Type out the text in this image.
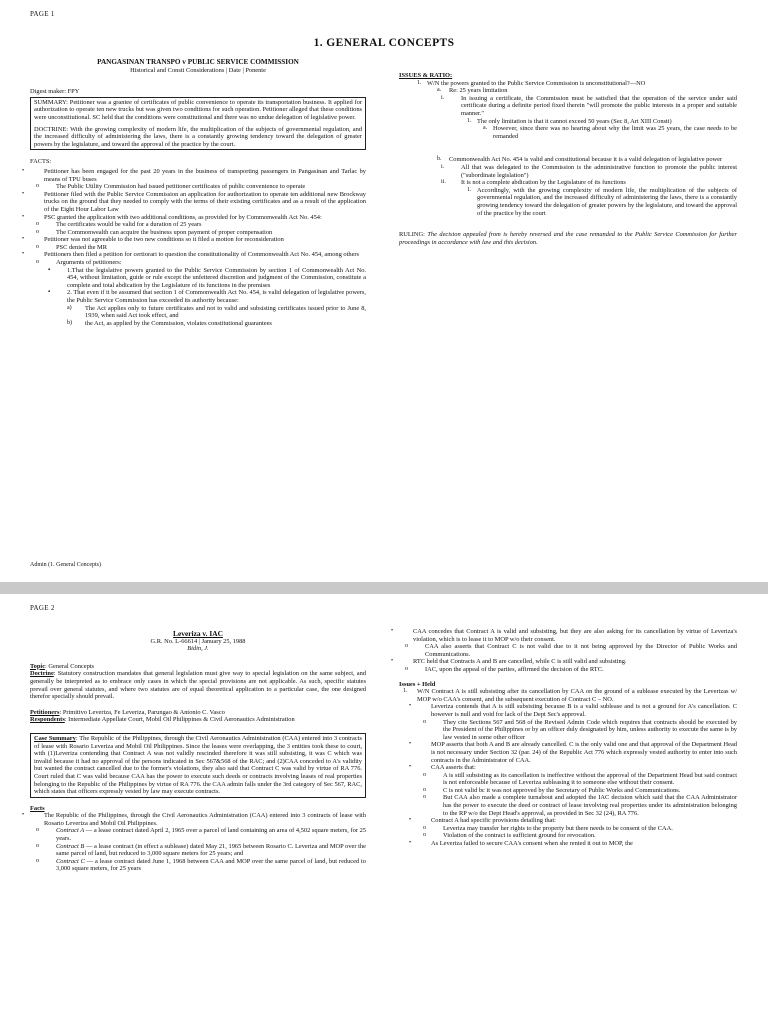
PAGE 1
1. GENERAL CONCEPTS
PANGASINAN TRANSPO v PUBLIC SERVICE COMMISSION
Historical and Consti Considerations | Date | Ponente
Digest maker: FPY

SUMMARY: Petitioner was a grantee of certificates of public convenience to operate its transportation business. It applied for authorization to operate ten new trucks but was given two conditions for such operation. Petitioner alleged that these conditions were unconstitutional. SC held that the conditions were constitutional and there was no undue delegation of legislative power.

DOCTRINE: With the growing complexity of modern life, the multiplication of the subjects of governmental regulation, and the increased difficulty of administering the laws, there is a constantly growing tendency toward the delegation of greater powers by the legislature, and toward the approval of the practice by the court.

FACTS:
•	Petitioner has been engaged for the past 20 years in the business of transporting passengers in Pangasinan and Tarlac by means of TPU buses
o	The Public Utility Commission had issued petitioner certificates of public convenience to operate
•	Petitioner filed with the Public Service Commission an application for authorization to operate ten additional new Brockway trucks on the ground that they needed to comply with the terms of their existing certificates and as a result of the application of the Eight Hour Labor Law
•	PSC granted the application with two additional conditions, as provided for by Commonwealth Act No. 454:
o	The certificates would be valid for a duration of 25 years
o	The Commonwealth can acquire the business upon payment of proper compensation
•	Petitioner was not agreeable to the two new conditions so it filed a motion for reconsideration
o	PSC denied the MR
•	Petitioners then filed a petition for certiorari to question the constitutionality of Commonwealth Act No. 454, among others
o	Arguments of petitioners:
▪	1.That the legislative powers granted to the Public Service Commission by section 1 of Commonwealth Act No. 454, without limitation, guide or rule except the unfettered discretion and judgment of the Commission, constitute a complete and total abdication by the Legislature of its functions in the premises
▪	2. That even if it be assumed that section 1 of Commonwealth Act No. 454, is valid delegation of legislative powers, the Public Service Commission has exceeded its authority because:
a) The Act applies only to future certificates and not to valid and subsisting certificates issued prior to June 8, 1939, when said Act took effect, and
b) the Act, as applied by the Commission, violates constitutional guarantees
ISSUES & RATIO:
1. W/N the powers granted to the Public Service Commission is unconstitutional?—NO
a. Re: 25 years limitation
i.	In issuing a certificate, the Commission must be satisfied that the operation of the service under said certificate during a definite period fixed therein "will promote the public interests in a proper and suitable manner."
1. The only limitation is that it cannot exceed 50 years (Sec 8, Art XIII Consti)
a. However, since there was no hearing about why the limit was 25 years, the case needs to be remanded
b. Commonwealth Act No. 454 is valid and constitutional because it is a valid delegation of legislative power
i.	All that was delegated to the Commission is the administrative function to promote the public interest ("subordinate legislation")
ii. It is not a complete abdication by the Legislature of its functions
1. Accordingly, with the growing complexity of modern life, the multiplication of the subjects of governmental regulation, and the increased difficulty of administering the laws, there is a constantly growing tendency toward the delegation of greater powers by the legislature, and toward the approval of the practice by the court
RULING: The decision appealed from is hereby reversed and the case remanded to the Public Service Commission for further proceedings in accordance with law and this decision.
Admin (1. General Concepts)
PAGE 2
Leveriza v. IAC
G.R. No. L-66614 | January 25, 1988
Bidin, J.
Topic: General Concepts
Doctrine: Statutory construction mandates that general legislation must give way to special legislation on the same subject, and generally be interpreted as to embrace only cases in which the special provisions are not applicable. As such, specific statutes prevail over general statutes, and where two statutes are of equal theoretical application to a particular case, the one designed therefor specially should prevail.
Petitioners: Primitivo Leveriza, Fe Leveriza, Parungao & Antonio C. Vasco
Respondents: Intermediate Appellate Court, Mobil Oil Philippines & Civil Aeronautics Administration
Case Summary: The Republic of the Philippines, through the Civil Aeronautics Administration (CAA) entered into 3 contracts of lease with Rosario Leveriza and Mobil Oil Philippines. Since the leases were overlapping, the 3 entities took these to court, with (1)Leveriza contending that Contract A was not validly rescinded therefore it was still subsisting, it was C which was invalid because it had no approval of the persons indicated in Sec 567&568 of the RAC; and (2)CAA conceded to A's validity but wanted the contract cancelled due to the former's violations, they also said that Contract C was valid by virtue of RA 776. Court ruled that C was valid because CAA has the power to execute such deeds or contracts involving leases of real properties belonging to the Republic of the Philippines by virtue of RA 776. the CAA admin falls under the 3rd category of Sec 567, RAC, which states that officers expressly vested by law may execute contracts.
Facts
•	The Republic of the Philippines, through the Civil Aeronautics Administration (CAA) entered into 3 contracts of lease with Rosario Leveriza and Mobil Oil Philippines.
o	Contract A — a lease contract dated April 2, 1965 over a parcel of land containing an area of 4,502 square meters, for 25 years.
o	Contract B — a lease contract (in effect a sublease) dated May 21, 1965 between Rosario C. Leveriza and MOP over the same parcel of land, but reduced to 3,000 square meters for 25 years; and
o	Contract C — a lease contract dated June 1, 1968 between CAA and MOP over the same parcel of land, but reduced to 3,000 square meters, for 25 years
•	CAA concedes that Contract A is valid and subsisting, but they are also asking for its cancellation by virtue of Leveriza's violation, which is to lease it to MOP w/o their consent.
o	CAA also asserts that Contract C is not valid due to it not being approved by the Director of Public Works and Communications.
•	RTC held that Contracts A and B are cancelled, while C is still valid and subsisting.
o	IAC, upon the appeal of the parties, affirmed the decision of the RTC.
Issues + Held
1. W/N Contract A is still subsisting after its cancellation by CAA on the ground of a sublease executed by the Leverizas w/ MOP w/o CAA's consent, and the subsequent execution of Contract C – NO.
•	Leveriza contends that A is still subsisting because B is a valid sublease and is not a ground for A's cancellation. C however is null and void for lack of the Dept Sec's approval.
o	They cite Sections 567 and 568 of the Revised Admin Code which requires that contracts should be executed by the President of the Philippines or by an officer duly designated by him, unless authority to execute the same is by law vested in some other officer
•	MOP asserts that both A and B are already cancelled. C is the only valid one and that approval of the Department Head is not necessary under Section 32 (par. 24) of the Republic Act 776 which expressly vested authority to enter into such contracts in the Administrator of CAA.
•	CAA asserts that:
o	A is still subsisting as its cancellation is ineffective without the approval of the Department Head but said contract is not enforceable because of Leveriza subleasing it to someone else without their consent.
o	C is not valid bc it was not approved by the Secretary of Public Works and Communications.
o	But CAA also made a complete turnabout and adopted the IAC decision which said that the CAA Administrator has the power to execute the deed or contract of lease involving real properties under its administration belonging to the RP w/o the Dept Head's approval, as provided in Sec 32 (24), RA 776.
•	Contract A had specific provisions detailing that:
o	Leveriza may transfer her rights to the property but there needs to be consent of the CAA.
o	Violation of the contract is sufficient ground for revocation.
•	As Leveriza failed to secure CAA's consent when she rented it out to MOP, the
